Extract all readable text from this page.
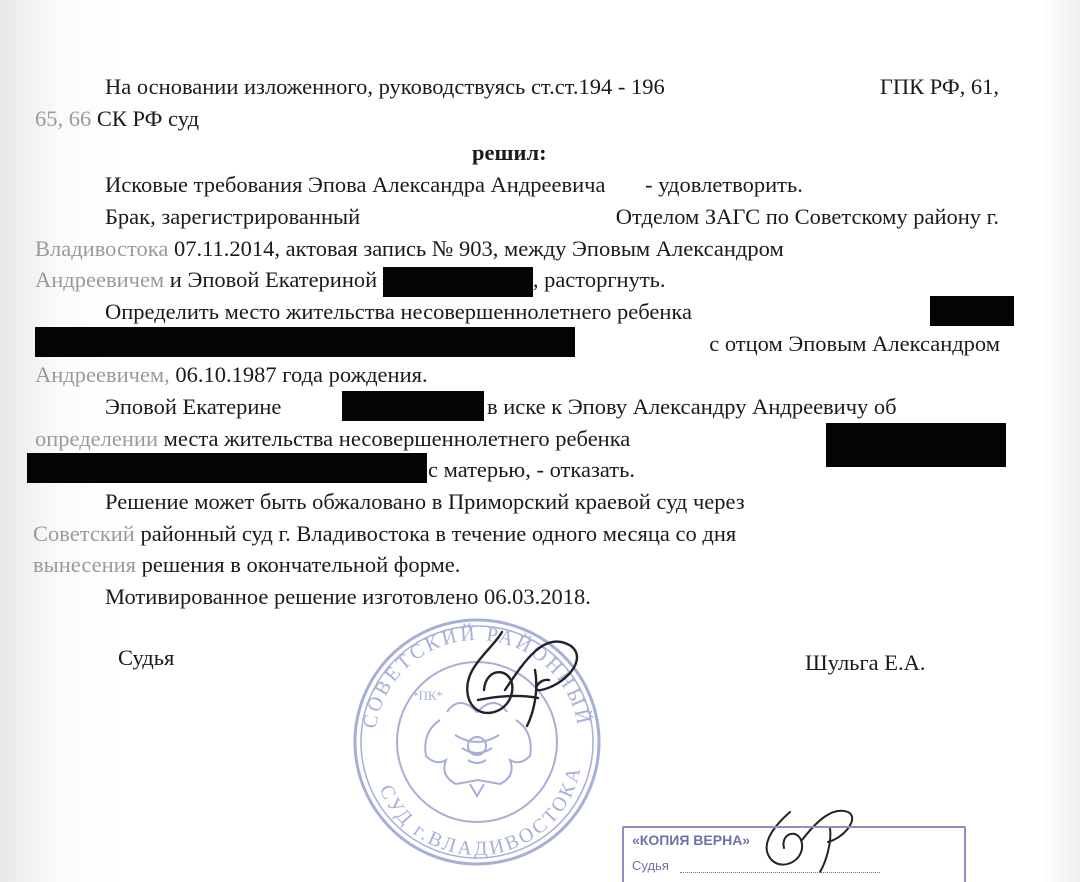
На основании изложенного, руководствуясь ст.ст.194 - 196	ГПК РФ, 61,
65, 66 СК РФ суд
решил:
Исковые требования Эпова Александра Андреевича - удовлетворить.
Брак, зарегистрированный	Отделом ЗАГС по Советскому району г.
Владивостока 07.11.2014, актовая запись № 903, между Эповым Александром
Андреевичем и Эповой Екатериной	, расторгнуть.
Определить место жительства несовершеннолетнего ребенка
с отцом Эповым Александром
Андреевичем, 06.10.1987 года рождения.
Эповой Екатерине	в иске к Эпову Александру Андреевичу об
определении места жительства несовершеннолетнего ребенка
с матерью, - отказать.
Решение может быть обжаловано в Приморский краевой суд через
Советский районный суд г. Владивостока в течение одного месяца со дня
вынесения решения в окончательной форме.
Мотивированное решение изготовлено 06.03.2018.
Судья	Шульга Е.А.
СОВЕТСКИЙ РАЙОННЫЙ
СУД г.ВЛАДИВОСТОКА
*ПК*
«КОПИЯ ВЕРНА»
Судья
